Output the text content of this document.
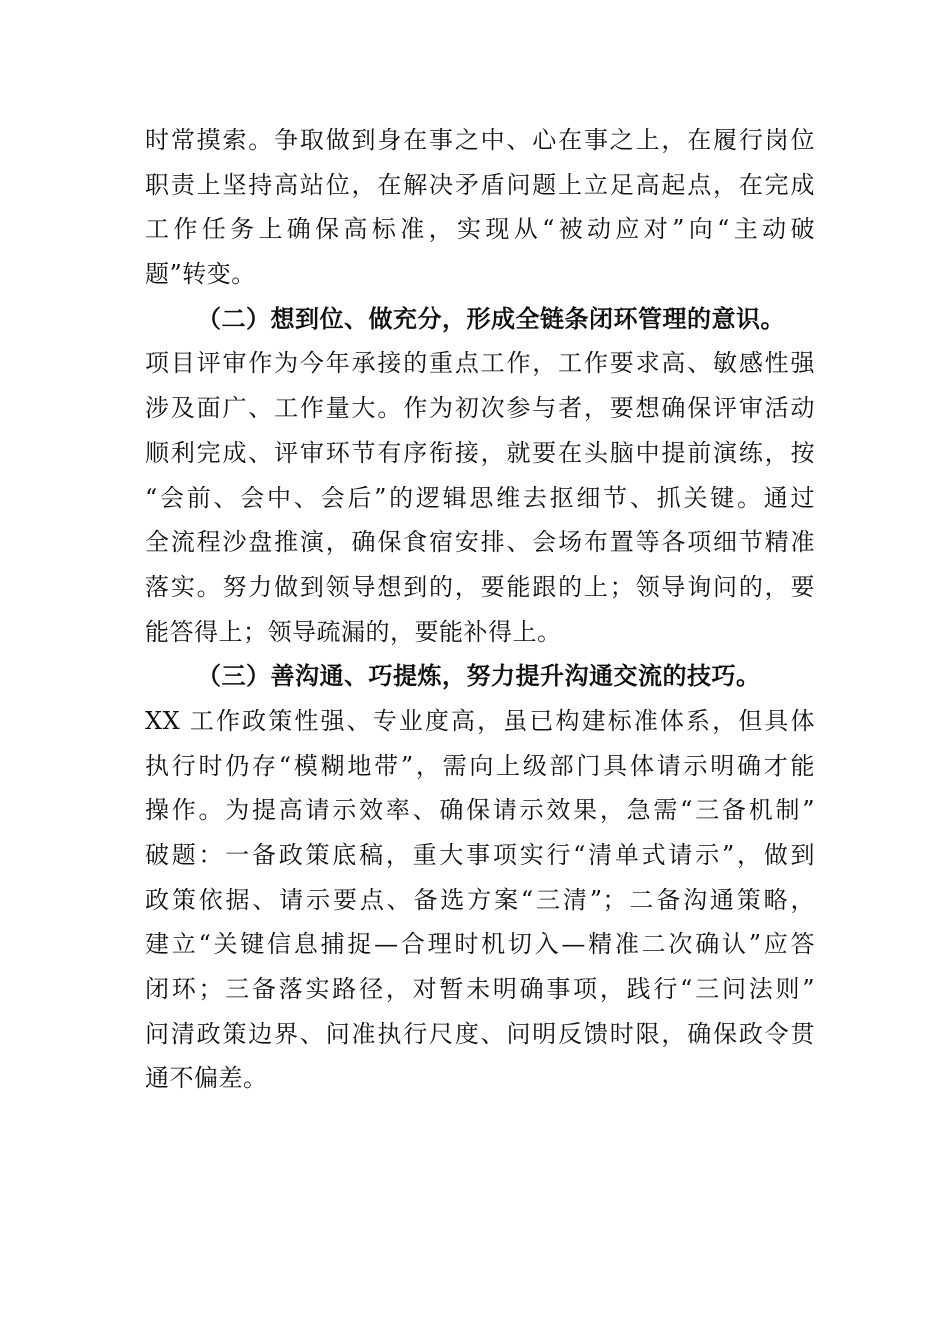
时常摸索。争取做到身在事之中、心在事之上，在履行岗位
职责上坚持高站位，在解决矛盾问题上立足高起点，在完成
工作任务上确保高标准，实现从“被动应对”向“主动破
题”转变。
（二）想到位、做充分，形成全链条闭环管理的意识。
项目评审作为今年承接的重点工作，工作要求高、敏感性强
涉及面广、工作量大。作为初次参与者，要想确保评审活动
顺利完成、评审环节有序衔接，就要在头脑中提前演练，按
“会前、会中、会后”的逻辑思维去抠细节、抓关键。通过
全流程沙盘推演，确保食宿安排、会场布置等各项细节精准
落实。努力做到领导想到的，要能跟的上；领导询问的，要
能答得上；领导疏漏的，要能补得上。
（三）善沟通、巧提炼，努力提升沟通交流的技巧。
XX 工作政策性强、专业度高，虽已构建标准体系，但具体
执行时仍存“模糊地带”，需向上级部门具体请示明确才能
操作。为提高请示效率、确保请示效果，急需“三备机制”
破题：一备政策底稿，重大事项实行“清单式请示”，做到
政策依据、请示要点、备选方案“三清”；二备沟通策略，
建立“关键信息捕捉—合理时机切入—精准二次确认”应答
闭环；三备落实路径，对暂未明确事项，践行“三问法则”
问清政策边界、问准执行尺度、问明反馈时限，确保政令贯
通不偏差。
